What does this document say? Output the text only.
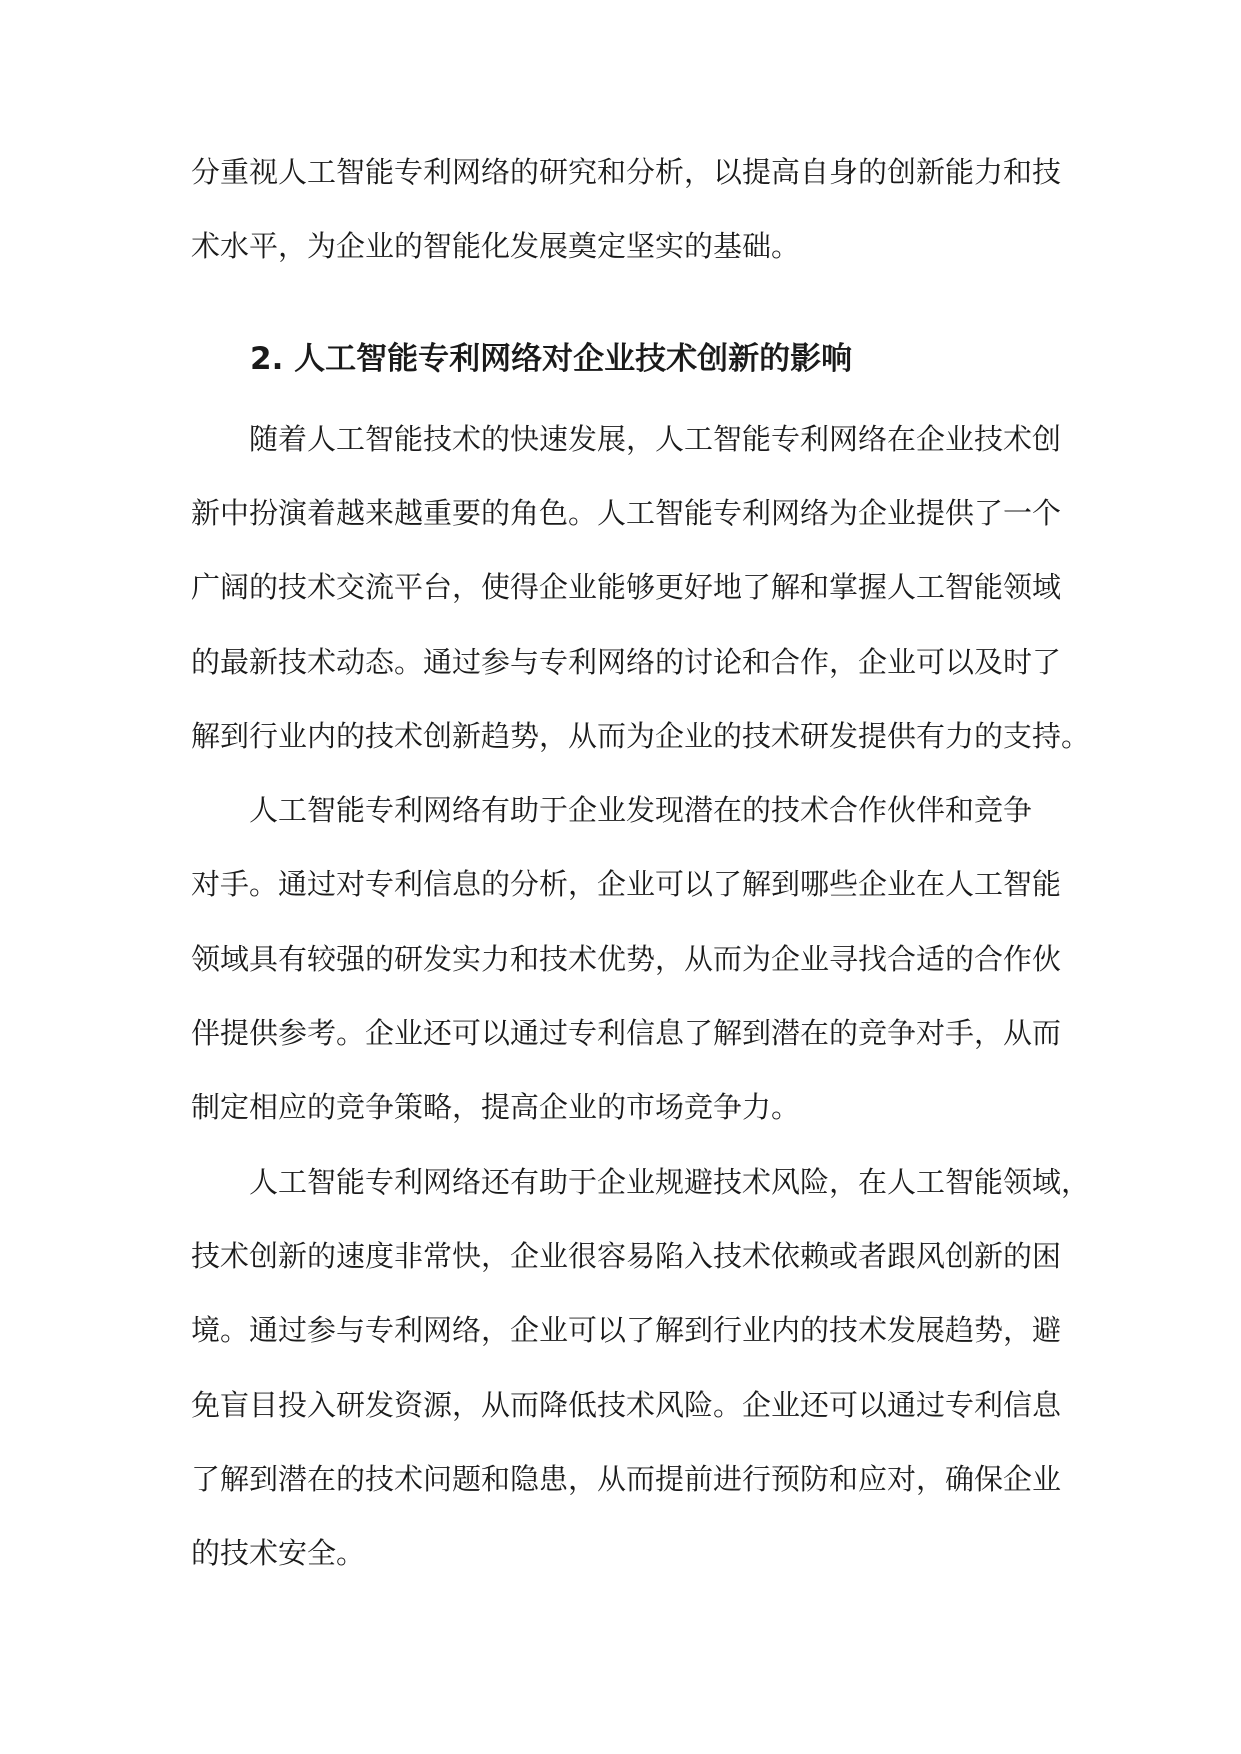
分重视人工智能专利网络的研究和分析，以提高自身的创新能力和技
术水平，为企业的智能化发展奠定坚实的基础。
2. 人工智能专利网络对企业技术创新的影响
随着人工智能技术的快速发展，人工智能专利网络在企业技术创
新中扮演着越来越重要的角色。人工智能专利网络为企业提供了一个
广阔的技术交流平台，使得企业能够更好地了解和掌握人工智能领域
的最新技术动态。通过参与专利网络的讨论和合作，企业可以及时了
解到行业内的技术创新趋势，从而为企业的技术研发提供有力的支持。
人工智能专利网络有助于企业发现潜在的技术合作伙伴和竞争
对手。通过对专利信息的分析，企业可以了解到哪些企业在人工智能
领域具有较强的研发实力和技术优势，从而为企业寻找合适的合作伙
伴提供参考。企业还可以通过专利信息了解到潜在的竞争对手，从而
制定相应的竞争策略，提高企业的市场竞争力。
人工智能专利网络还有助于企业规避技术风险，在人工智能领域，
技术创新的速度非常快，企业很容易陷入技术依赖或者跟风创新的困
境。通过参与专利网络，企业可以了解到行业内的技术发展趋势，避
免盲目投入研发资源，从而降低技术风险。企业还可以通过专利信息
了解到潜在的技术问题和隐患，从而提前进行预防和应对，确保企业
的技术安全。
